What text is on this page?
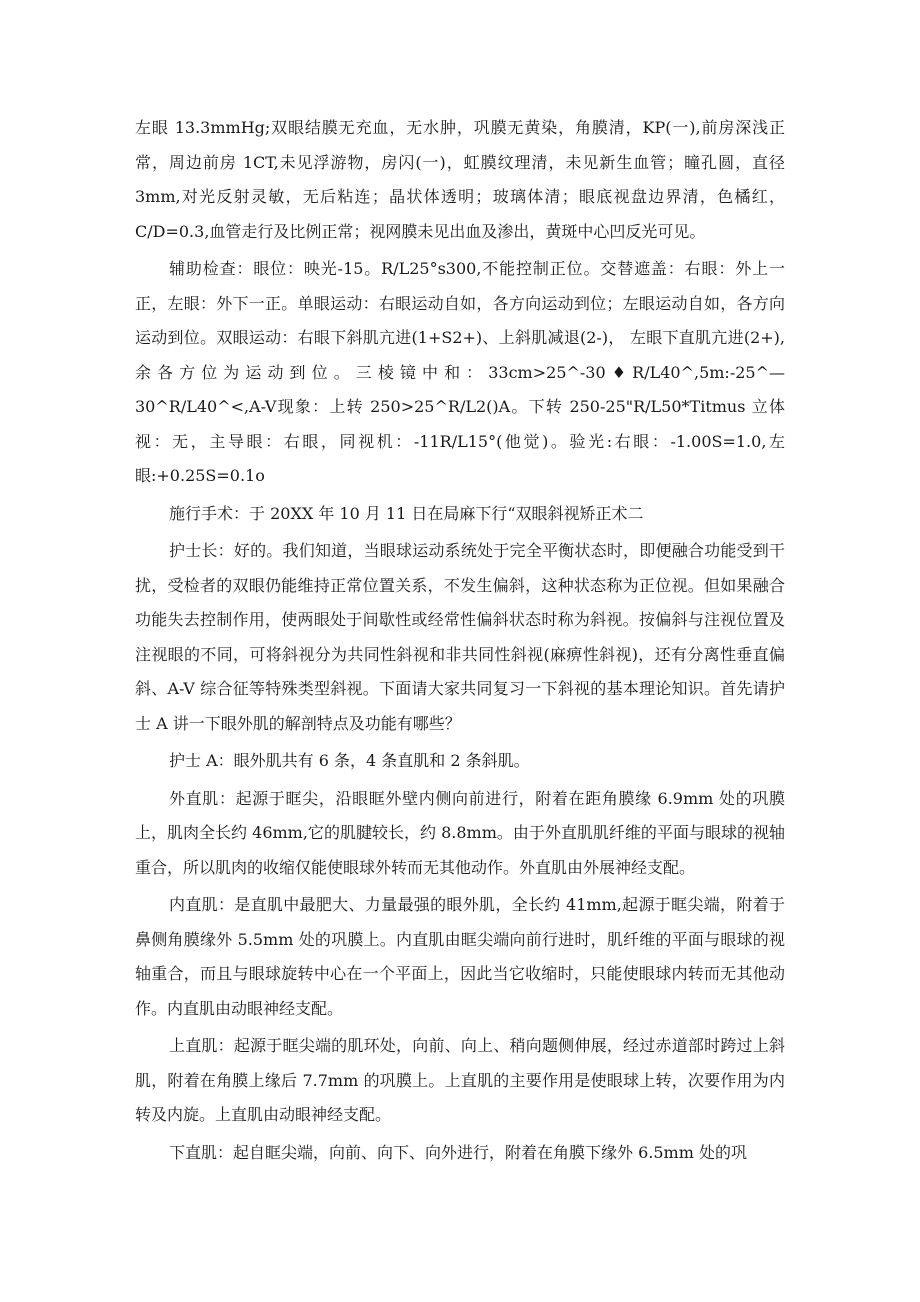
左眼 13.3mmHg;双眼结膜无充血，无水肿，巩膜无黄染，角膜清，KP(一),前房深浅正常，周边前房 1CT,未见浮游物，房闪(一)，虹膜纹理清，未见新生血管；瞳孔圆，直径 3mm,对光反射灵敏，无后粘连；晶状体透明；玻璃体清；眼底视盘边界清，色橘红，C/D=0.3,血管走行及比例正常；视网膜未见出血及渗出，黄斑中心凹反光可见。

辅助检查：眼位：映光-15。R/L25°s300,不能控制正位。交替遮盖：右眼：外上一正，左眼：外下一正。单眼运动：右眼运动自如，各方向运动到位；左眼运动自如，各方向运动到位。双眼运动：右眼下斜肌亢进(1+S2+)、上斜肌减退(2-)， 左眼下直肌亢进(2+),余各方位为运动到位。三棱镜中和：33cm>25^-30♦R/L40^,5m:-25^—30^R/L40^<,A-V现象：上转 250>25^R/L2()A。下转 250-25"R/L50*Titmus 立体视：无，主导眼：右眼，同视机：-11R/L15°(他觉)。验光:右眼：-1.00S=1.0,左眼:+0.25S=0.1o

施行手术：于 20XX 年 10 月 11 日在局麻下行“双眼斜视矫正术二

护士长：好的。我们知道，当眼球运动系统处于完全平衡状态时，即便融合功能受到干扰，受检者的双眼仍能维持正常位置关系，不发生偏斜，这种状态称为正位视。但如果融合功能失去控制作用，使两眼处于间歇性或经常性偏斜状态时称为斜视。按偏斜与注视位置及注视眼的不同，可将斜视分为共同性斜视和非共同性斜视(麻痹性斜视)，还有分离性垂直偏斜、A-V 综合征等特殊类型斜视。下面请大家共同复习一下斜视的基本理论知识。首先请护士 A 讲一下眼外肌的解剖特点及功能有哪些？

护士 A：眼外肌共有 6 条，4 条直肌和 2 条斜肌。

外直肌：起源于眶尖，沿眼眶外壁内侧向前进行，附着在距角膜缘 6.9mm 处的巩膜上，肌肉全长约 46mm,它的肌腱较长，约 8.8mm。由于外直肌肌纤维的平面与眼球的视轴重合，所以肌肉的收缩仅能使眼球外转而无其他动作。外直肌由外展神经支配。

内直肌：是直肌中最肥大、力量最强的眼外肌，全长约 41mm,起源于眶尖端，附着于鼻侧角膜缘外 5.5mm 处的巩膜上。内直肌由眶尖端向前行进时，肌纤维的平面与眼球的视轴重合，而且与眼球旋转中心在一个平面上，因此当它收缩时，只能使眼球内转而无其他动作。内直肌由动眼神经支配。

上直肌：起源于眶尖端的肌环处，向前、向上、稍向题侧伸展，经过赤道部时跨过上斜肌，附着在角膜上缘后 7.7mm 的巩膜上。上直肌的主要作用是使眼球上转，次要作用为内转及内旋。上直肌由动眼神经支配。

下直肌：起自眶尖端，向前、向下、向外进行，附着在角膜下缘外 6.5mm 处的巩
